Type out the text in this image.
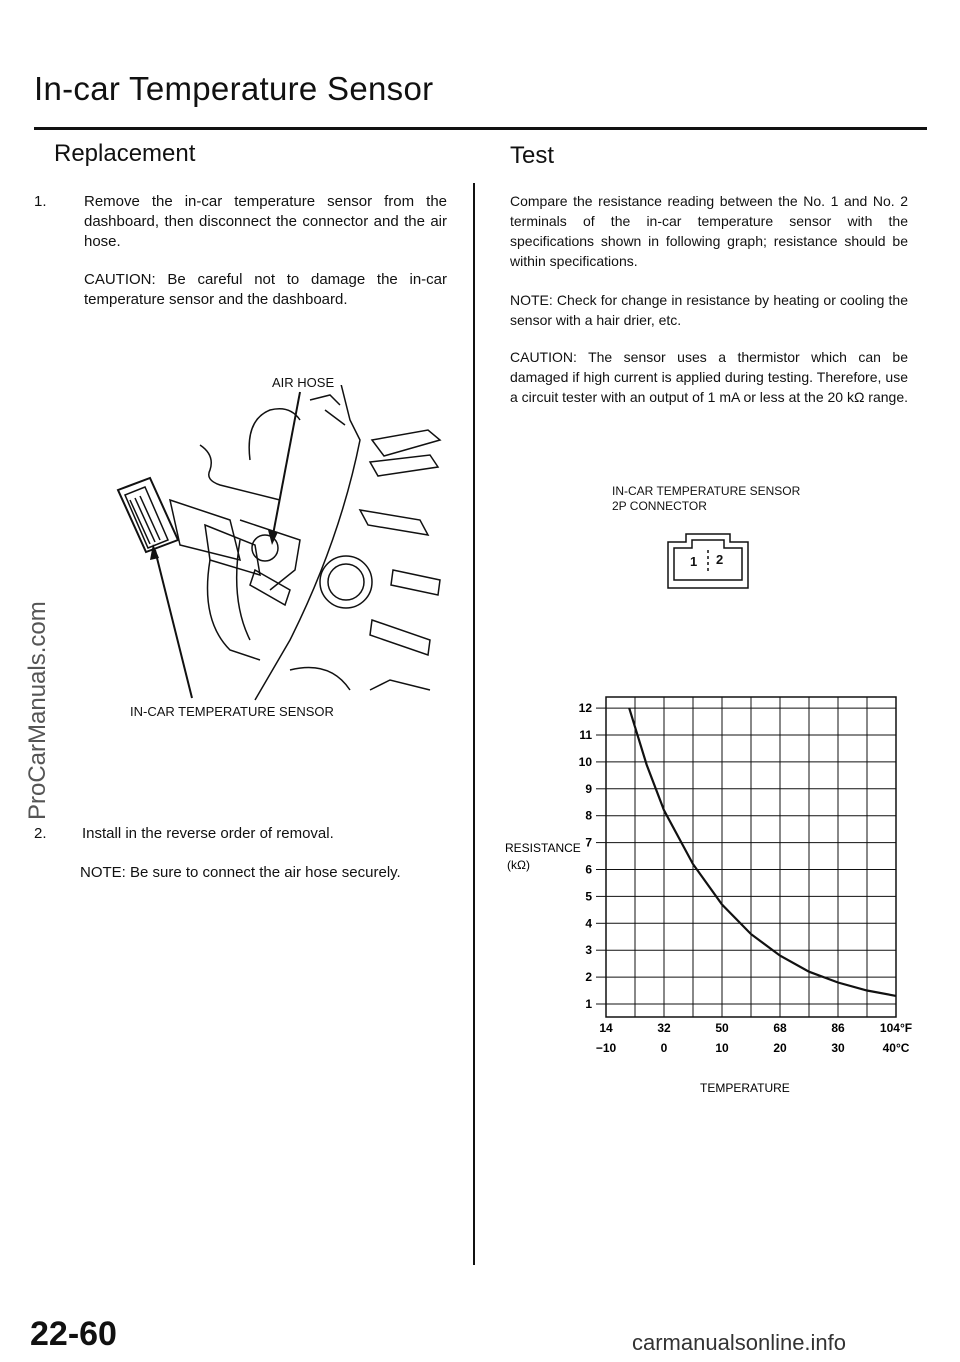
In-car Temperature Sensor
Replacement
1.	Remove the in-car temperature sensor from the dashboard, then disconnect the connector and the air hose.
CAUTION: Be careful not to damage the in-car temperature sensor and the dashboard.
AIR HOSE
IN-CAR TEMPERATURE SENSOR
2. Install in the reverse order of removal.
NOTE: Be sure to connect the air hose securely.
Test
Compare the resistance reading between the No. 1 and No. 2 terminals of the in-car temperature sensor with the specifications shown in following graph; resistance should be within specifications.
NOTE: Check for change in resistance by heating or cooling the sensor with a hair drier, etc.
CAUTION: The sensor uses a thermistor which can be damaged if high current is applied during testing. Therefore, use a circuit tester with an output of 1 mA or less at the 20 kΩ range.
IN-CAR TEMPERATURE SENSOR
2P CONNECTOR
1 2
1
2
3
4
5
6
7
8
9
10
11
12
14
−10
32
0
50
10
68
20
86
30
104°F
40°C
RESISTANCE
(kΩ)
TEMPERATURE
22-60
ProCarManuals.com
carmanualsonline.info
